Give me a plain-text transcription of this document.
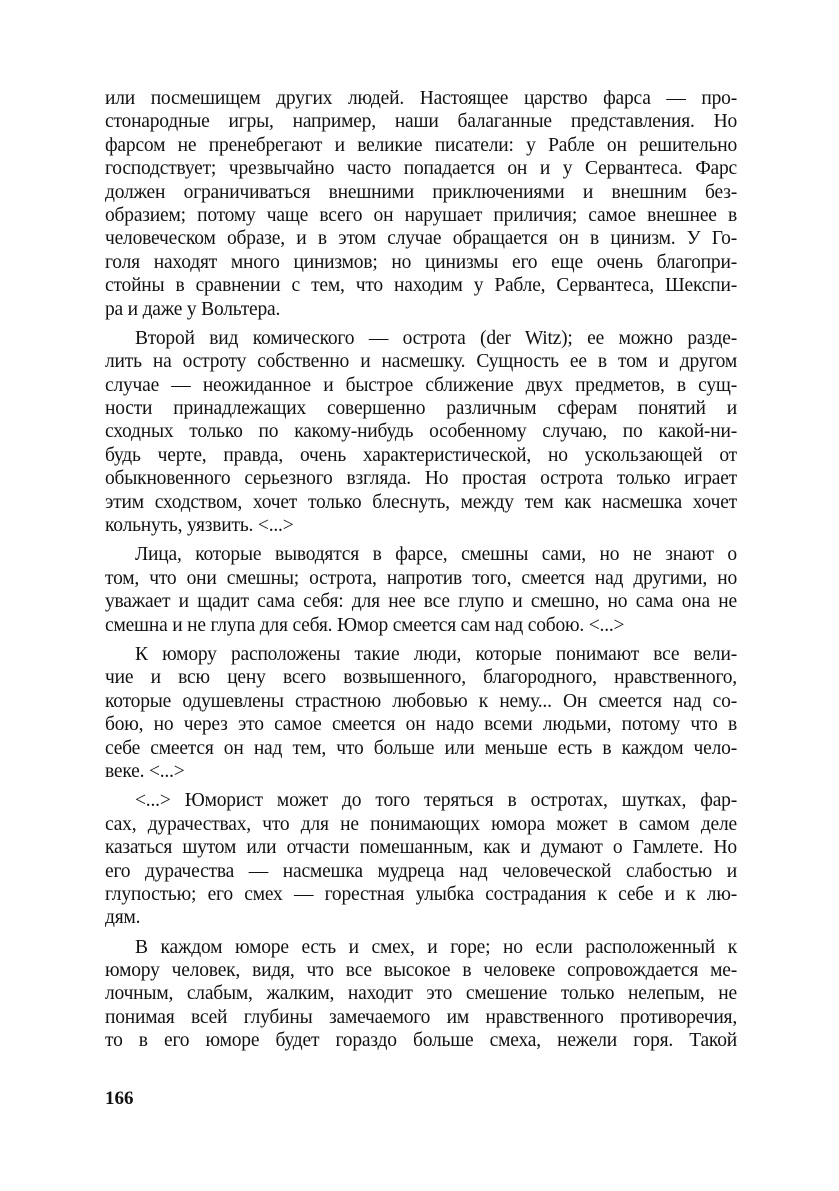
или посмешищем других людей. Настоящее царство фарса — про-
стонародные игры, например, наши балаганные представления. Но
фарсом не пренебрегают и великие писатели: у Рабле он решительно
господствует; чрезвычайно часто попадается он и у Сервантеса. Фарс
должен ограничиваться внешними приключениями и внешним без-
образием; потому чаще всего он нарушает приличия; самое внешнее в
человеческом образе, и в этом случае обращается он в цинизм. У Го-
голя находят много цинизмов; но цинизмы его еще очень благопри-
стойны в сравнении с тем, что находим у Рабле, Сервантеса, Шекспи-
ра и даже у Вольтера.
Второй вид комического — острота (der Witz); ее можно разде-
лить на остроту собственно и насмешку. Сущность ее в том и другом
случае — неожиданное и быстрое сближение двух предметов, в сущ-
ности принадлежащих совершенно различным сферам понятий и
сходных только по какому-нибудь особенному случаю, по какой-ни-
будь черте, правда, очень характеристической, но ускользающей от
обыкновенного серьезного взгляда. Но простая острота только играет
этим сходством, хочет только блеснуть, между тем как насмешка хочет
кольнуть, уязвить. <...>
Лица, которые выводятся в фарсе, смешны сами, но не знают о
том, что они смешны; острота, напротив того, смеется над другими, но
уважает и щадит сама себя: для нее все глупо и смешно, но сама она не
смешна и не глупа для себя. Юмор смеется сам над собою. <...>
К юмору расположены такие люди, которые понимают все вели-
чие и всю цену всего возвышенного, благородного, нравственного,
которые одушевлены страстною любовью к нему... Он смеется над со-
бою, но через это самое смеется он надо всеми людьми, потому что в
себе смеется он над тем, что больше или меньше есть в каждом чело-
веке. <...>
<...> Юморист может до того теряться в остротах, шутках, фар-
сах, дурачествах, что для не понимающих юмора может в самом деле
казаться шутом или отчасти помешанным, как и думают о Гамлете. Но
его дурачества — насмешка мудреца над человеческой слабостью и
глупостью; его смех — горестная улыбка сострадания к себе и к лю-
дям.
В каждом юморе есть и смех, и горе; но если расположенный к
юмору человек, видя, что все высокое в человеке сопровождается ме-
лочным, слабым, жалким, находит это смешение только нелепым, не
понимая всей глубины замечаемого им нравственного противоречия,
то в его юморе будет гораздо больше смеха, нежели горя. Такой
166
